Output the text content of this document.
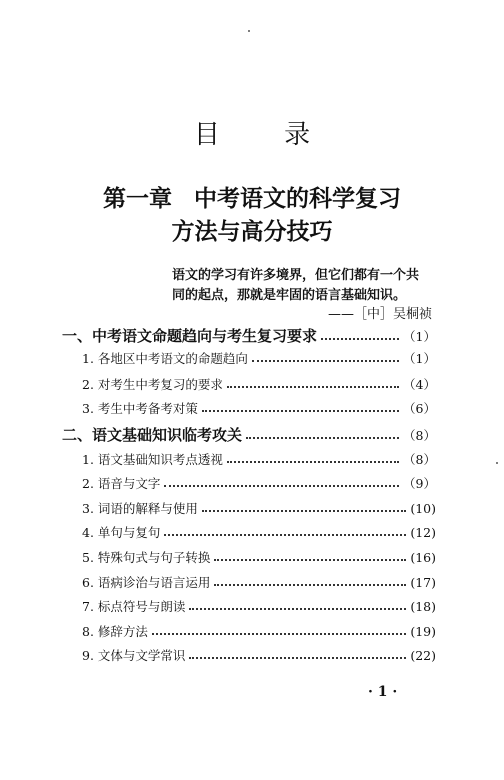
目 录
第一章 中考语文的科学复习
方法与高分技巧
语文的学习有许多境界，但它们都有一个共
同的起点，那就是牢固的语言基础知识。
——［中］吴桐祯
一、中考语文命题趋向与考生复习要求	（1）
1. 各地区中考语文的命题趋向	（1）
2. 对考生中考复习的要求	（4）
3. 考生中考备考对策	（6）
二、语文基础知识临考攻关	（8）
1. 语文基础知识考点透视	（8）
2. 语音与文字	（9）
3. 词语的解释与使用	(10)
4. 单句与复句	(12)
5. 特殊句式与句子转换	(16)
6. 语病诊治与语言运用	(17)
7. 标点符号与朗读	(18)
8. 修辞方法	(19)
9. 文体与文学常识	(22)
· 1 ·
